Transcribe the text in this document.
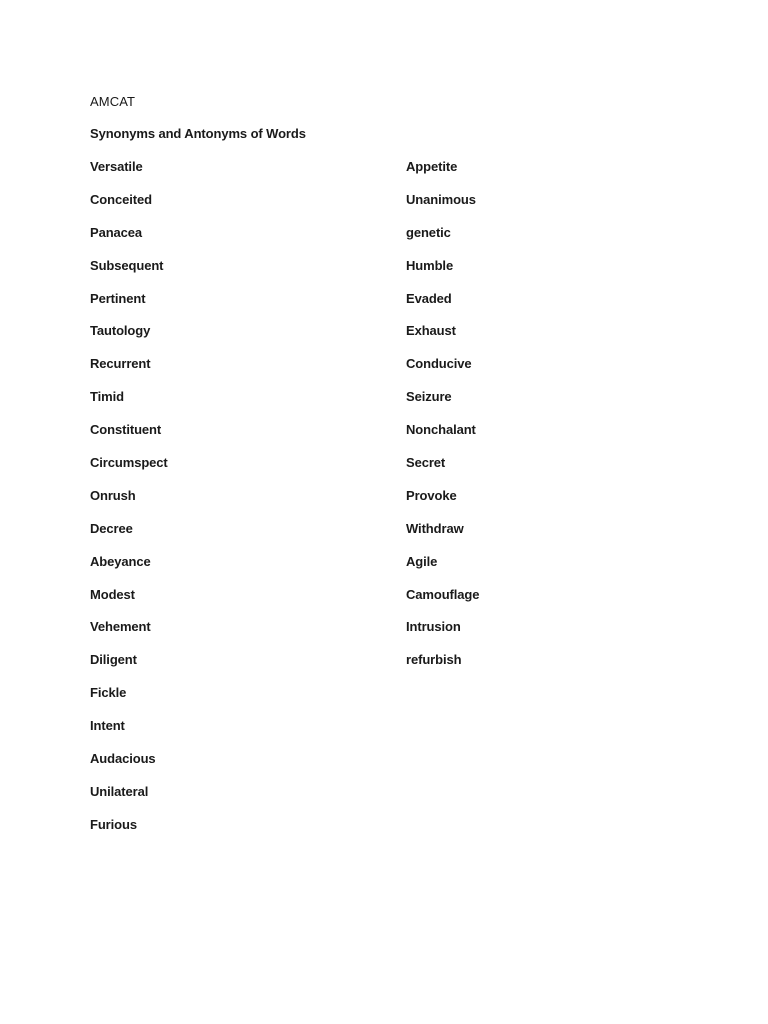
AMCAT
Synonyms and Antonyms of Words
Versatile
Conceited
Panacea
Subsequent
Pertinent
Tautology
Recurrent
Timid
Constituent
Circumspect
Onrush
Decree
Abeyance
Modest
Vehement
Diligent
Fickle
Intent
Audacious
Unilateral
Furious
Appetite
Unanimous
genetic
Humble
Evaded
Exhaust
Conducive
Seizure
Nonchalant
Secret
Provoke
Withdraw
Agile
Camouflage
Intrusion
refurbish
